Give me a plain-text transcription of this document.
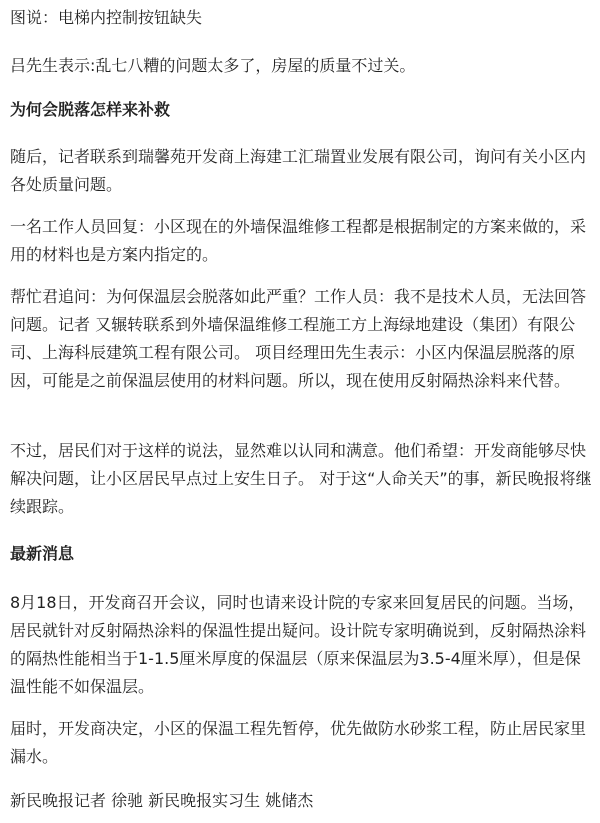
图说：电梯内控制按钮缺失

吕先生表示:乱七八糟的问题太多了，房屋的质量不过关。

为何会脱落怎样来补救

随后，记者联系到瑞馨苑开发商上海建工汇瑞置业发展有限公司，询问有关小区内各处质量问题。

一名工作人员回复：小区现在的外墙保温维修工程都是根据制定的方案来做的，采用的材料也是方案内指定的。

帮忙君追问：为何保温层会脱落如此严重？工作人员：我不是技术人员，无法回答问题。记者 又辗转联系到外墙保温维修工程施工方上海绿地建设（集团）有限公司、上海科辰建筑工程有限公司。 项目经理田先生表示：小区内保温层脱落的原因，可能是之前保温层使用的材料问题。所以，现在使用反射隔热涂料来代替。

不过，居民们对于这样的说法，显然难以认同和满意。他们希望：开发商能够尽快解决问题，让小区居民早点过上安生日子。 对于这“人命关天”的事，新民晚报将继续跟踪。

最新消息

8月18日，开发商召开会议，同时也请来设计院的专家来回复居民的问题。当场，居民就针对反射隔热涂料的保温性提出疑问。设计院专家明确说到，反射隔热涂料的隔热性能相当于1-1.5厘米厚度的保温层（原来保温层为3.5-4厘米厚），但是保温性能不如保温层。

届时，开发商决定，小区的保温工程先暂停，优先做防水砂浆工程，防止居民家里漏水。

新民晚报记者 徐驰 新民晚报实习生 姚储杰
